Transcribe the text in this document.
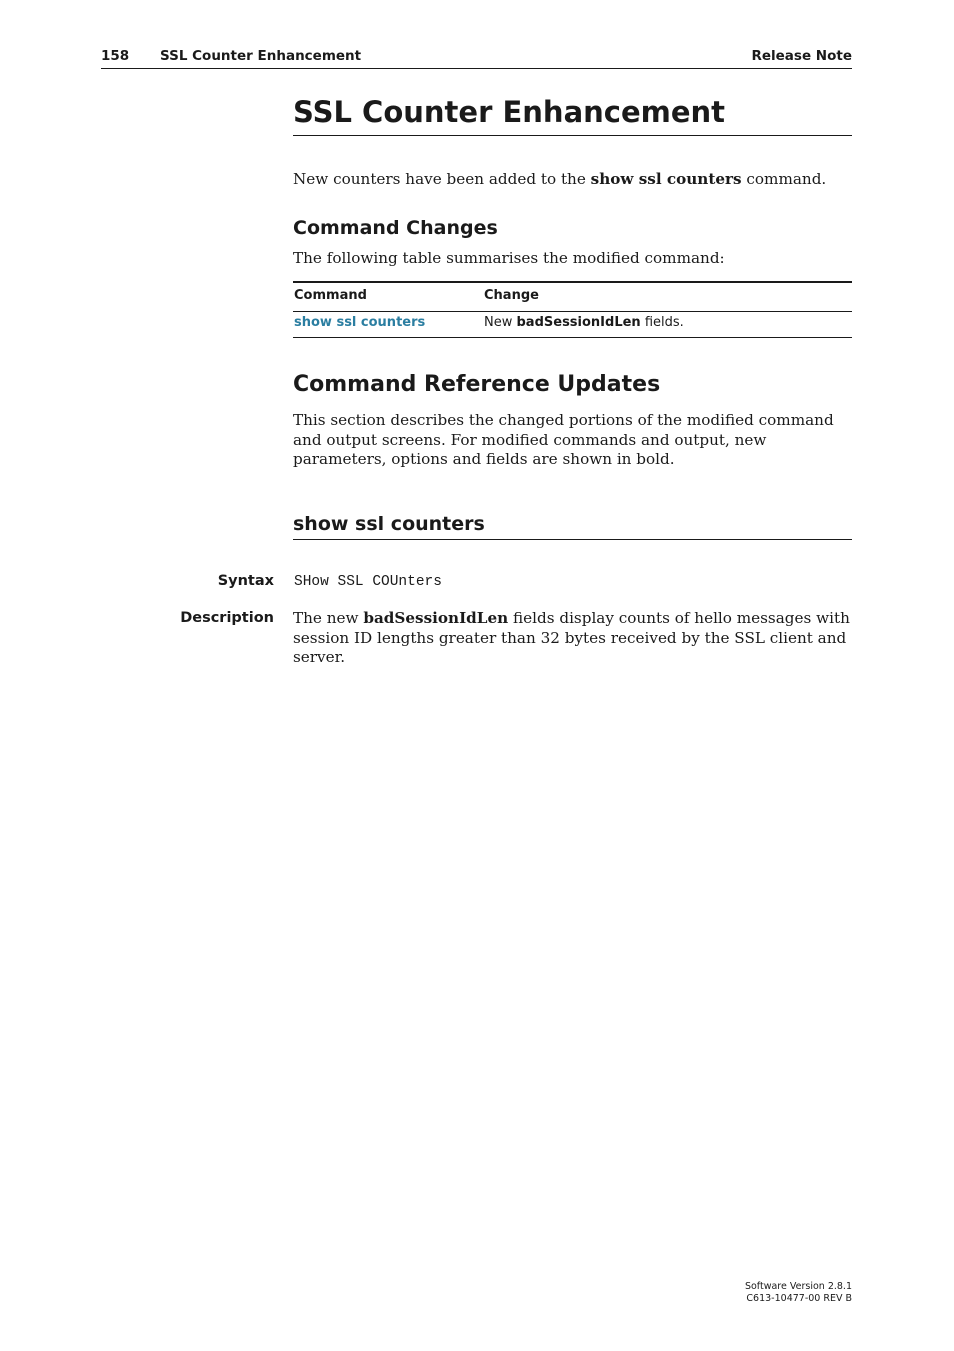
158 SSL Counter Enhancement	Release Note
SSL Counter Enhancement
New counters have been added to the show ssl counters command.
Command Changes
The following table summarises the modified command:
Command	Change
show ssl counters	New badSessionIdLen fields.
Command Reference Updates
This section describes the changed portions of the modified command and output screens. For modified commands and output, new parameters, options and fields are shown in bold.
show ssl counters
Syntax SHow SSL COUnters
Description The new badSessionIdLen fields display counts of hello messages with session ID lengths greater than 32 bytes received by the SSL client and server.
Software Version 2.8.1
C613-10477-00 REV B
